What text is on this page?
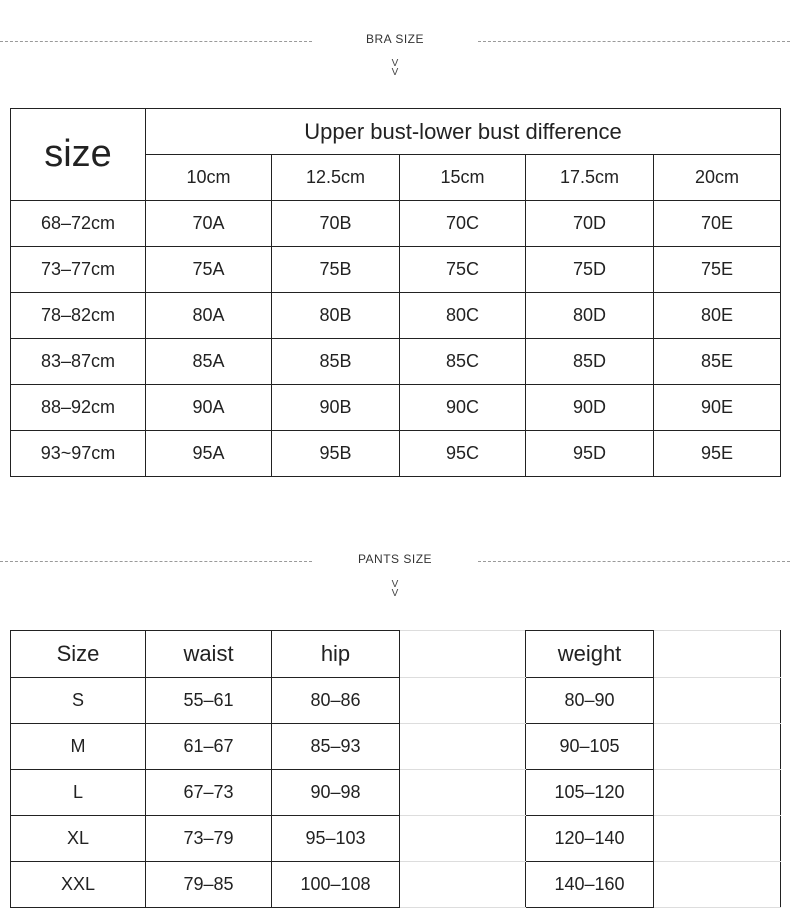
BRA SIZE
V
V
size	Upper bust-lower bust difference				
	10cm	12.5cm	15cm	17.5cm	20cm
68–72cm	70A	70B	70C	70D	70E
73–77cm	75A	75B	75C	75D	75E
78–82cm	80A	80B	80C	80D	80E
83–87cm	85A	85B	85C	85D	85E
88–92cm	90A	90B	90C	90D	90E
93~97cm	95A	95B	95C	95D	95E
PANTS SIZE
V
V
Size	waist	hip		weight	
S	55–61	80–86		80–90	
M	61–67	85–93		90–105	
L	67–73	90–98		105–120	
XL	73–79	95–103		120–140	
XXL	79–85	100–108		140–160	
